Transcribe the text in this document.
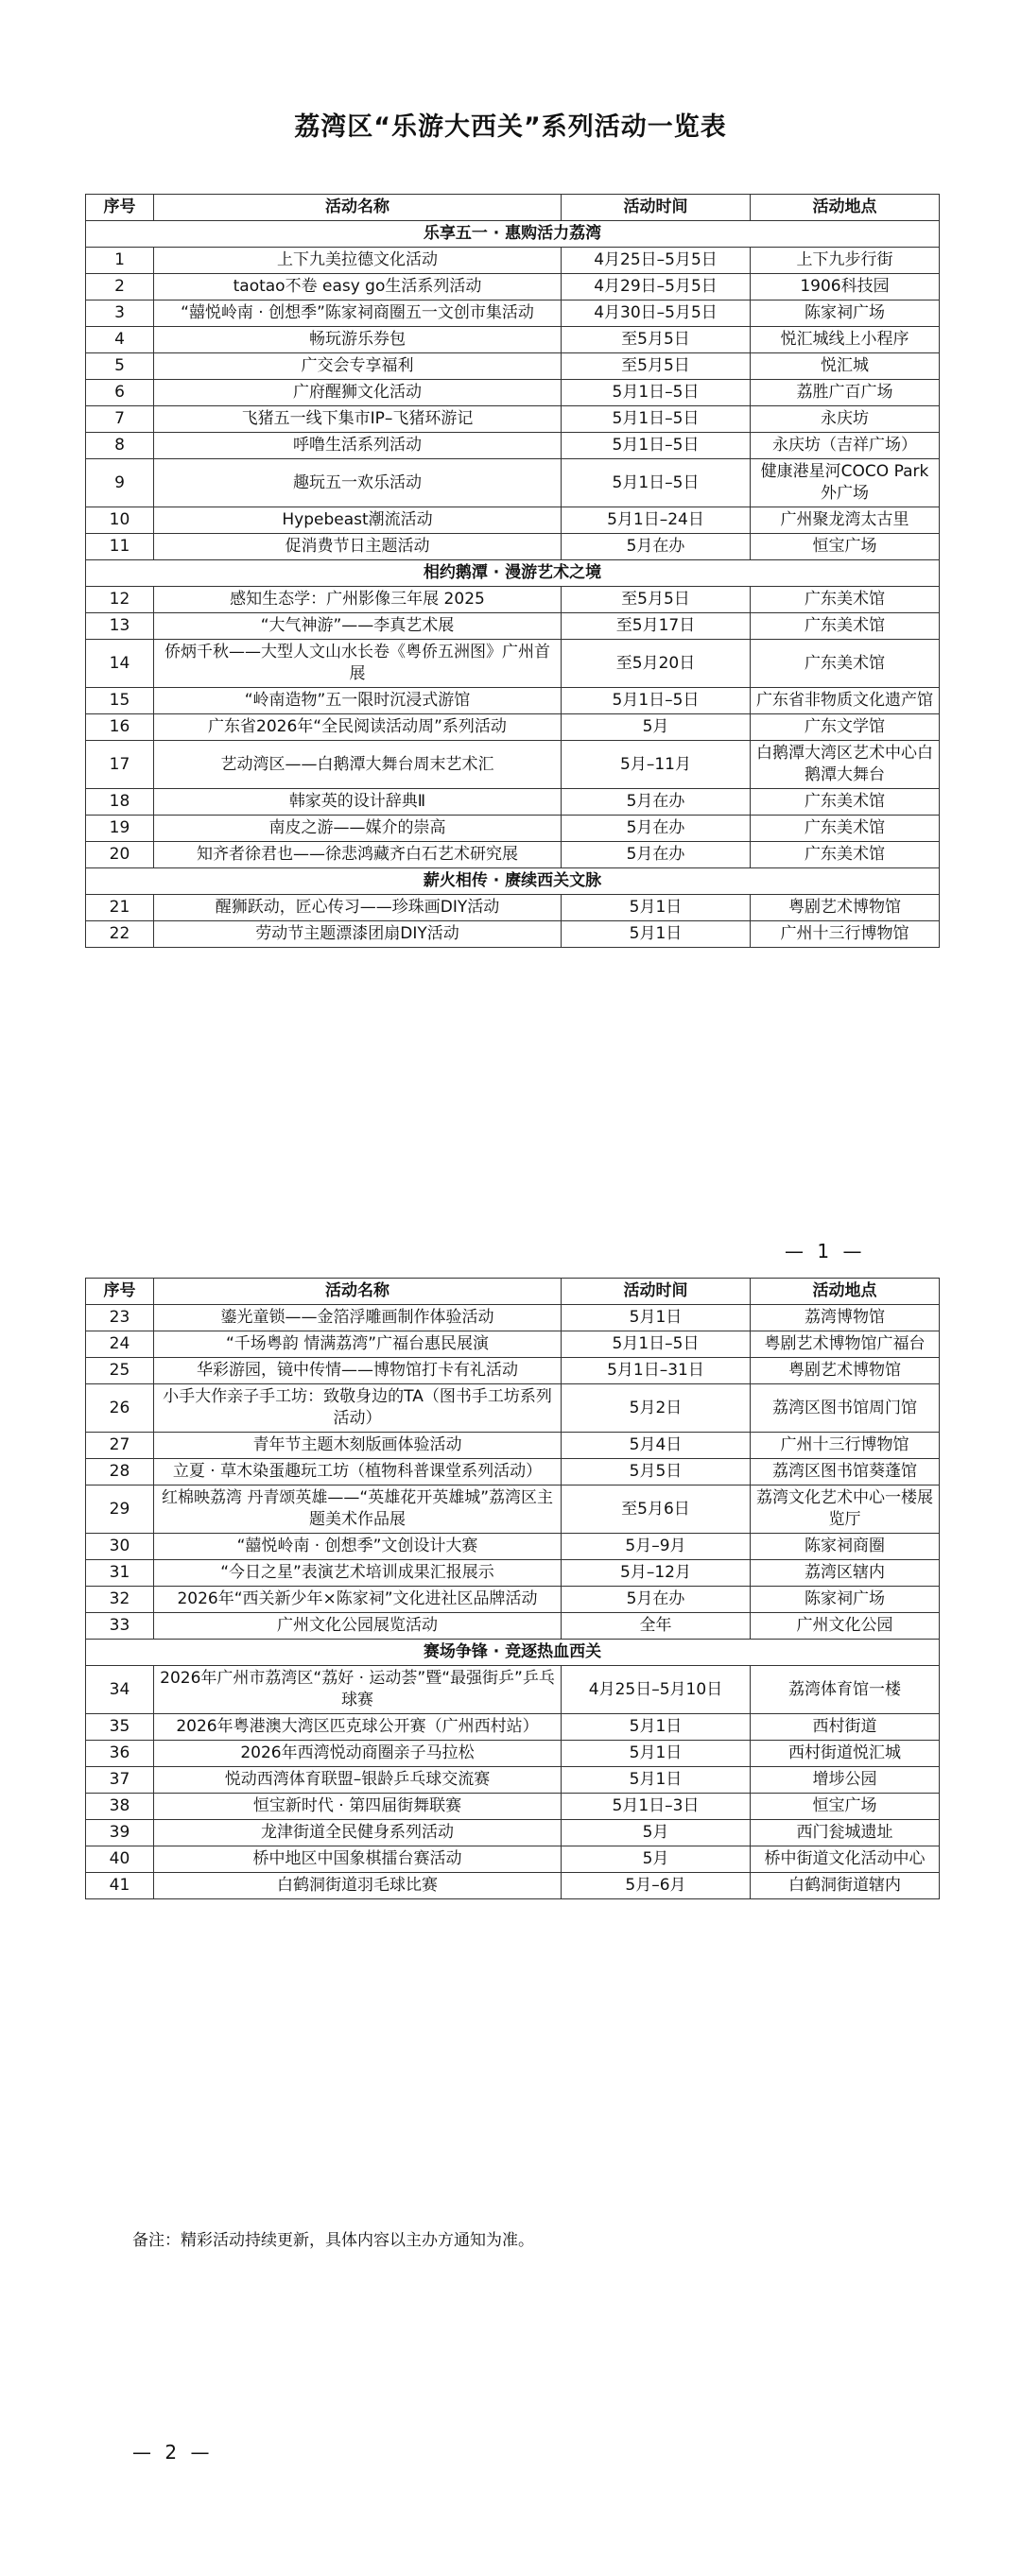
荔湾区“乐游大西关”系列活动一览表
序号	活动名称	活动时间	活动地点
乐享五一 · 惠购活力荔湾			
1	上下九美拉德文化活动	4月25日–5月5日	上下九步行街
2	taotao不卷 easy go生活系列活动	4月29日–5月5日	1906科技园
3	“囍悦岭南 · 创想季”陈家祠商圈五一文创市集活动	4月30日–5月5日	陈家祠广场
4	畅玩游乐券包	至5月5日	悦汇城线上小程序
5	广交会专享福利	至5月5日	悦汇城
6	广府醒狮文化活动	5月1日–5日	荔胜广百广场
7	飞猪五一线下集市IP–飞猪环游记	5月1日–5日	永庆坊
8	呼噜生活系列活动	5月1日–5日	永庆坊（吉祥广场）
9	趣玩五一欢乐活动	5月1日–5日	健康港星河COCO Park外广场
10	Hypebeast潮流活动	5月1日–24日	广州聚龙湾太古里
11	促消费节日主题活动	5月在办	恒宝广场
相约鹅潭 · 漫游艺术之境			
12	感知生态学：广州影像三年展 2025	至5月5日	广东美术馆
13	“大气神游”——李真艺术展	至5月17日	广东美术馆
14	侨炳千秋——大型人文山水长卷《粤侨五洲图》广州首展	至5月20日	广东美术馆
15	“岭南造物”五一限时沉浸式游馆	5月1日–5日	广东省非物质文化遗产馆
16	广东省2026年“全民阅读活动周”系列活动	5月	广东文学馆
17	艺动湾区——白鹅潭大舞台周末艺术汇	5月–11月	白鹅潭大湾区艺术中心白鹅潭大舞台
18	韩家英的设计辞典Ⅱ	5月在办	广东美术馆
19	南皮之游——媒介的崇高	5月在办	广东美术馆
20	知齐者徐君也——徐悲鸿藏齐白石艺术研究展	5月在办	广东美术馆
薪火相传 · 赓续西关文脉			
21	醒狮跃动，匠心传习——珍珠画DIY活动	5月1日	粤剧艺术博物馆
22	劳动节主题漂漆团扇DIY活动	5月1日	广州十三行博物馆
— 1 —
序号	活动名称	活动时间	活动地点
23	鎏光童锁——金箔浮雕画制作体验活动	5月1日	荔湾博物馆
24	“千场粤韵 情满荔湾”广福台惠民展演	5月1日–5日	粤剧艺术博物馆广福台
25	华彩游园，镜中传情——博物馆打卡有礼活动	5月1日–31日	粤剧艺术博物馆
26	小手大作亲子手工坊：致敬身边的TA（图书手工坊系列活动）	5月2日	荔湾区图书馆周门馆
27	青年节主题木刻版画体验活动	5月4日	广州十三行博物馆
28	立夏 · 草木染蛋趣玩工坊（植物科普课堂系列活动）	5月5日	荔湾区图书馆葵蓬馆
29	红棉映荔湾 丹青颂英雄——“英雄花开英雄城”荔湾区主题美术作品展	至5月6日	荔湾文化艺术中心一楼展览厅
30	“囍悦岭南 · 创想季”文创设计大赛	5月–9月	陈家祠商圈
31	“今日之星”表演艺术培训成果汇报展示	5月–12月	荔湾区辖内
32	2026年“西关新少年×陈家祠”文化进社区品牌活动	5月在办	陈家祠广场
33	广州文化公园展览活动	全年	广州文化公园
赛场争锋 · 竞逐热血西关			
34	2026年广州市荔湾区“荔好 · 运动荟”暨“最强街乒”乒乓球赛	4月25日–5月10日	荔湾体育馆一楼
35	2026年粤港澳大湾区匹克球公开赛（广州西村站）	5月1日	西村街道
36	2026年西湾悦动商圈亲子马拉松	5月1日	西村街道悦汇城
37	悦动西湾体育联盟–银龄乒乓球交流赛	5月1日	增埗公园
38	恒宝新时代 · 第四届街舞联赛	5月1日–3日	恒宝广场
39	龙津街道全民健身系列活动	5月	西门瓮城遗址
40	桥中地区中国象棋擂台赛活动	5月	桥中街道文化活动中心
41	白鹤洞街道羽毛球比赛	5月–6月	白鹤洞街道辖内
备注：精彩活动持续更新，具体内容以主办方通知为准。
— 2 —
